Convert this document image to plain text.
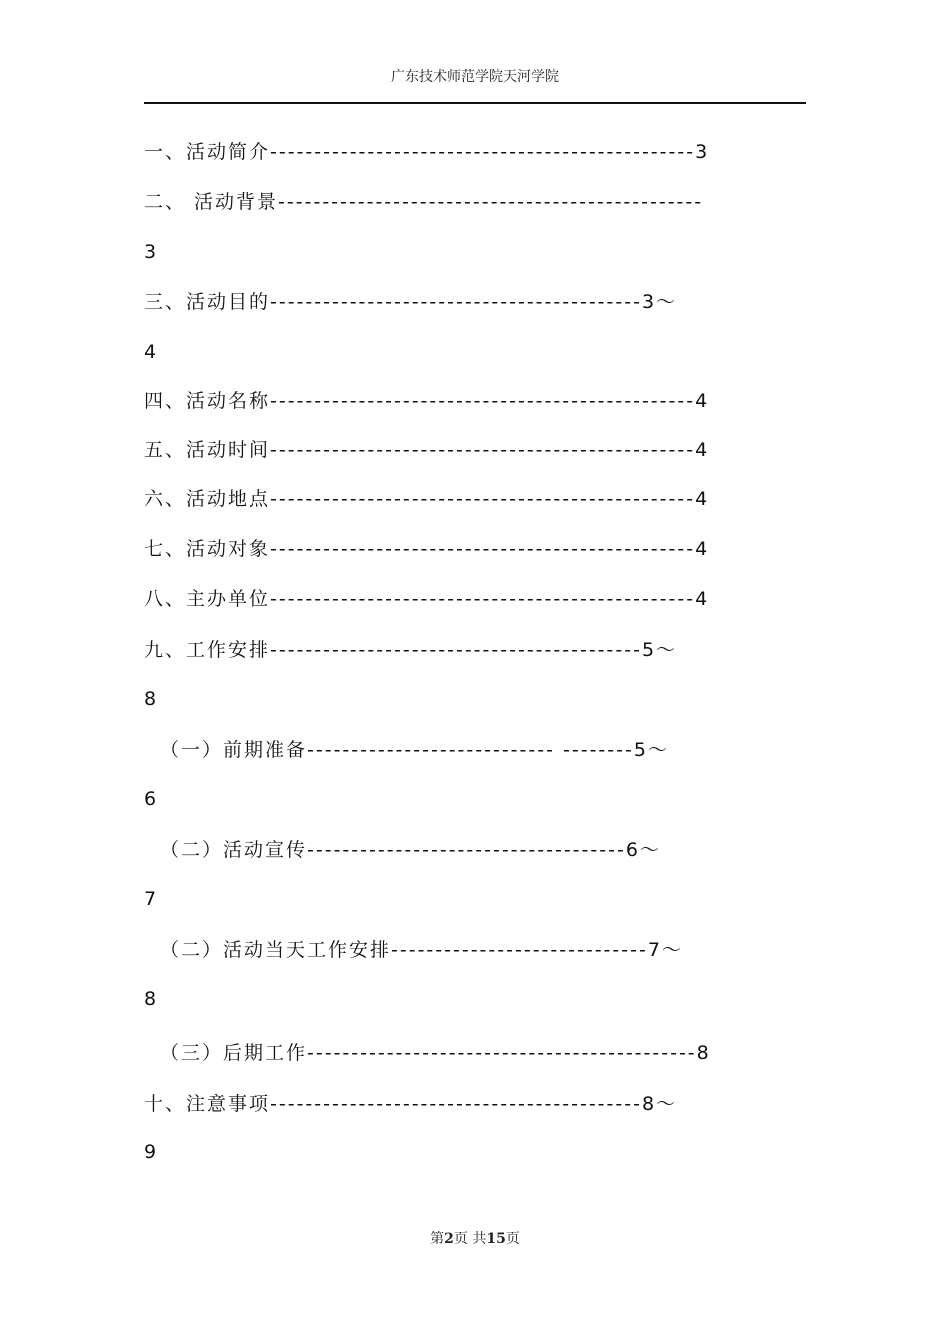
广东技术师范学院天河学院
一、活动简介------------------------------------------------3
二、 活动背景------------------------------------------------
3
三、活动目的------------------------------------------3～
4
四、活动名称------------------------------------------------4
五、活动时间------------------------------------------------4
六、活动地点------------------------------------------------4
七、活动对象------------------------------------------------4
八、主办单位------------------------------------------------4
九、工作安排------------------------------------------5～
8
（一）前期准备---------------------------- --------5～
6
（二）活动宣传------------------------------------6～
7
（二）活动当天工作安排-----------------------------7～
8
（三）后期工作--------------------------------------------8
十、注意事项------------------------------------------8～
9
第2页 共15页
